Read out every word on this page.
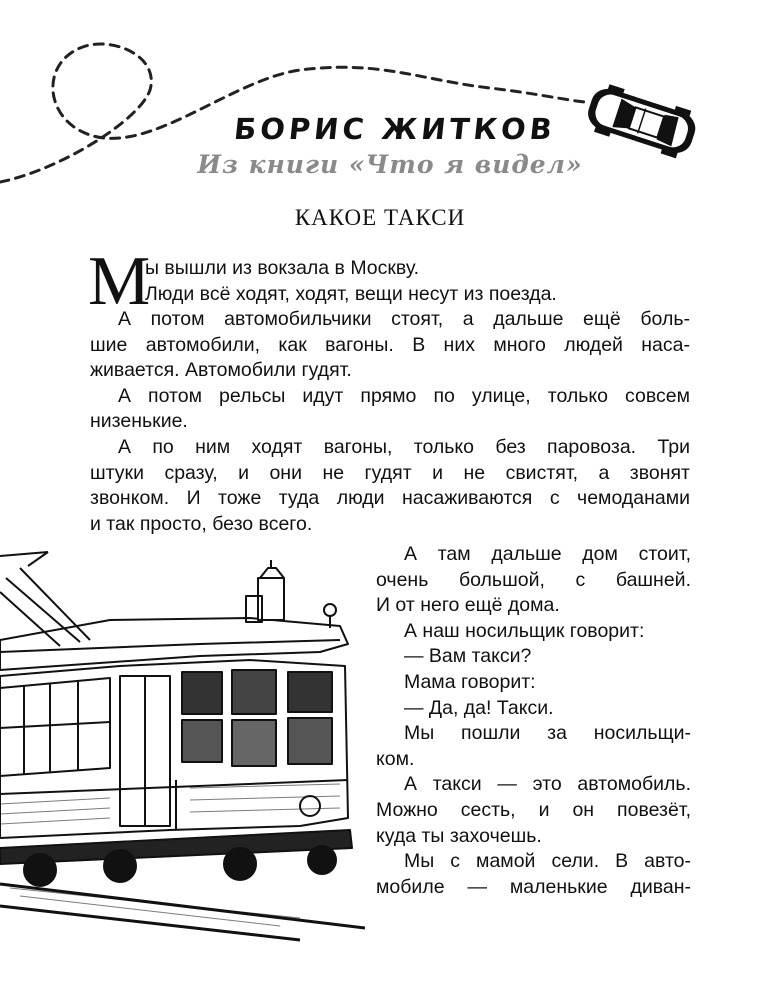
БОРИС ЖИТКОВ
Из книги «Что я видел»
КАКОЕ ТАКСИ
М
ы вышли из вокзала в Москву.
Люди всё ходят, ходят, вещи несут из поезда.
А потом автомобильчики стоят, а дальше ещё боль-
шие автомобили, как вагоны. В них много людей наса-
живается. Автомобили гудят.
А потом рельсы идут прямо по улице, только совсем
низенькие.
А по ним ходят вагоны, только без паровоза. Три
штуки сразу, и они не гудят и не свистят, а звонят
звонком. И тоже туда люди насаживаются с чемоданами
и так просто, безо всего.
А там дальше дом стоит,
очень большой, с башней.
И от него ещё дома.
А наш носильщик говорит:
— Вам такси?
Мама говорит:
— Да, да! Такси.
Мы пошли за носильщи-
ком.
А такси — это автомобиль.
Можно сесть, и он повезёт,
куда ты захочешь.
Мы с мамой сели. В авто-
мобиле — маленькие диван-
